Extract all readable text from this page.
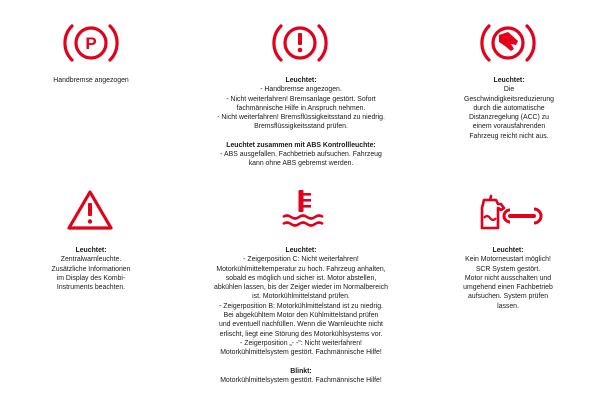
P

Handbremse angezogen	Leuchtet:

- Handbremse angezogen.

- Nicht weiterfahren! Bremsanlage gestört. Sofort

fachmännische Hilfe in Anspruch nehmen.

- Nicht weiterfahren! Bremsflüssigkeitsstand zu niedrig.

Bremsflüssigkeitsstand prüfen.

Leuchtet zusammen mit ABS Kontrollleuchte:

- ABS ausgefallen. Fachbetrieb aufsuchen. Fahrzeug

kann ohne ABS gebremst werden.

Leuchtet:

Die

Geschwindigkeitsreduzierung

durch die automatische

Distanzregelung (ACC) zu

einem vorausfahrenden

Fahrzeug reicht nicht aus.

Leuchtet:

Zentralwarnleuchte.

Zusätzliche Informationen

im Display des Kombi-

Instruments beachten.

Leuchtet:

- Zeigerposition C: Nicht weiterfahren!

Motorkühlmitteltemperatur zu hoch. Fahrzeug anhalten,

sobald es möglich und sicher ist. Motor abstellen,

abkühlen lassen, bis der Zeiger wieder im Normalbereich

ist. Motorkühlmittelstand prüfen.

- Zeigerposition B: Motorkühlmittelstand ist zu niedrig.

Bei abgekühltem Motor den Kühlmittelstand prüfen

und eventuell nachfüllen. Wenn die Warnleuchte nicht

erlischt, liegt eine Störung des Motorkühlsystems vor.

- Zeigerposition „- -": Nicht weiterfahren!

Motorkühlmittelsystem gestört. Fachmännische Hilfe!

Blinkt:

Motorkühlmittelsystem gestört. Fachmännische Hilfe!

Leuchtet:

Kein Motorneustart möglich!

SCR System gestört.

Motor nicht ausschalten und

umgehend einen Fachbetrieb

aufsuchen. System prüfen

lassen.
